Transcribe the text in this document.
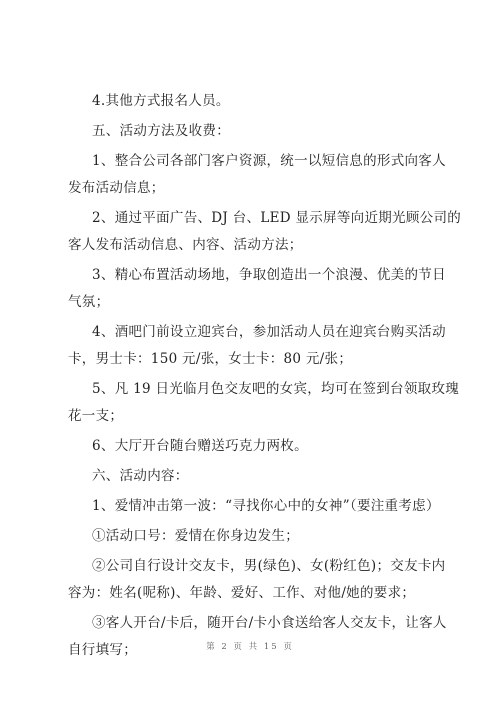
4.其他方式报名人员。

五、活动方法及收费：

1、整合公司各部门客户资源，统一以短信息的形式向客人
发布活动信息；

2、通过平面广告、DJ 台、LED 显示屏等向近期光顾公司的
客人发布活动信息、内容、活动方法；

3、精心布置活动场地，争取创造出一个浪漫、优美的节日
气氛；

4、酒吧门前设立迎宾台，参加活动人员在迎宾台购买活动
卡，男士卡：150 元/张，女士卡：80 元/张；

5、凡 19 日光临月色交友吧的女宾，均可在签到台领取玫瑰
花一支；

6、大厅开台随台赠送巧克力两枚。

六、活动内容：

1、爱情冲击第一波：“寻找你心中的女神”（要注重考虑）

①活动口号：爱情在你身边发生；

②公司自行设计交友卡，男(绿色)、女(粉红色)；交友卡内
容为：姓名(呢称)、年龄、爱好、工作、对他/她的要求；

③客人开台/卡后，随开台/卡小食送给客人交友卡，让客人
自行填写；	第 2 页 共 15 页
